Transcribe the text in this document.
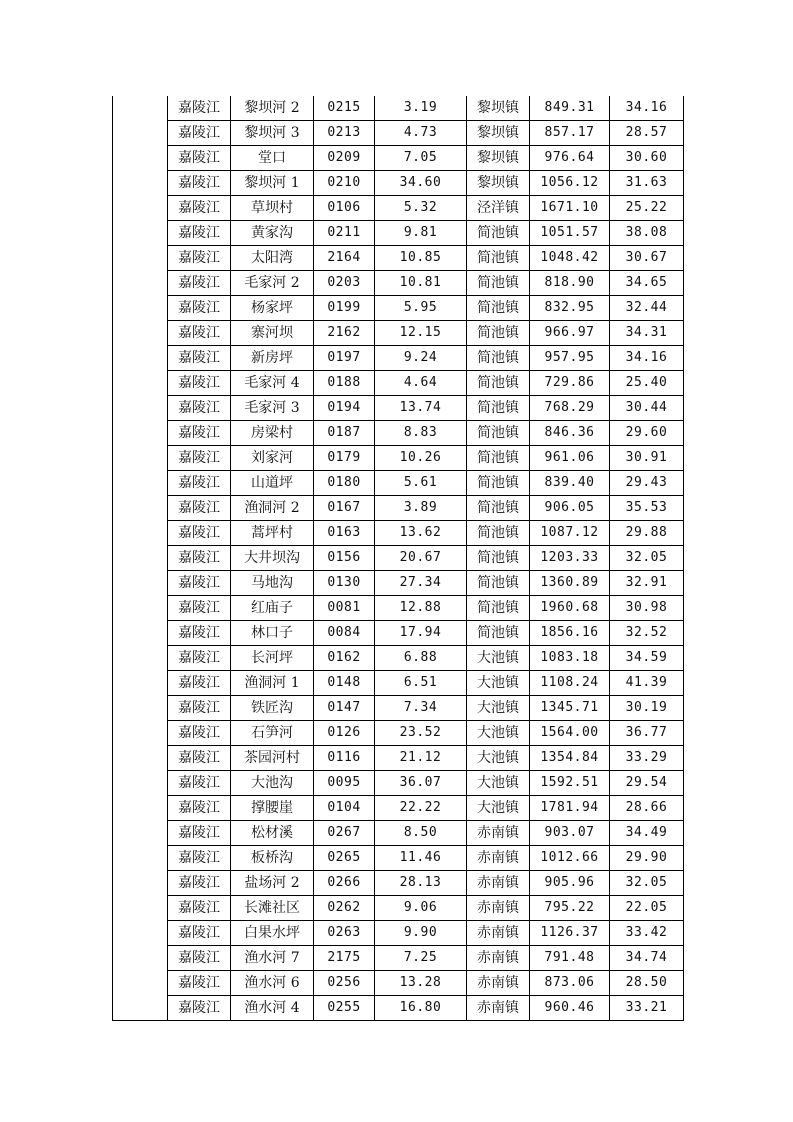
	嘉陵江	黎坝河 2	0215	3.19	黎坝镇	849.31	34.16
	嘉陵江	黎坝河 3	0213	4.73	黎坝镇	857.17	28.57
	嘉陵江	堂口	0209	7.05	黎坝镇	976.64	30.60
	嘉陵江	黎坝河 1	0210	34.60	黎坝镇	1056.12	31.63
	嘉陵江	草坝村	0106	5.32	泾洋镇	1671.10	25.22
	嘉陵江	黄家沟	0211	9.81	简池镇	1051.57	38.08
	嘉陵江	太阳湾	2164	10.85	简池镇	1048.42	30.67
	嘉陵江	毛家河 2	0203	10.81	简池镇	818.90	34.65
	嘉陵江	杨家坪	0199	5.95	简池镇	832.95	32.44
	嘉陵江	寨河坝	2162	12.15	简池镇	966.97	34.31
	嘉陵江	新房坪	0197	9.24	简池镇	957.95	34.16
	嘉陵江	毛家河 4	0188	4.64	简池镇	729.86	25.40
	嘉陵江	毛家河 3	0194	13.74	简池镇	768.29	30.44
	嘉陵江	房梁村	0187	8.83	简池镇	846.36	29.60
	嘉陵江	刘家河	0179	10.26	简池镇	961.06	30.91
	嘉陵江	山道坪	0180	5.61	简池镇	839.40	29.43
	嘉陵江	渔洞河 2	0167	3.89	简池镇	906.05	35.53
	嘉陵江	蒿坪村	0163	13.62	简池镇	1087.12	29.88
	嘉陵江	大井坝沟	0156	20.67	简池镇	1203.33	32.05
	嘉陵江	马地沟	0130	27.34	简池镇	1360.89	32.91
	嘉陵江	红庙子	0081	12.88	简池镇	1960.68	30.98
	嘉陵江	林口子	0084	17.94	简池镇	1856.16	32.52
	嘉陵江	长河坪	0162	6.88	大池镇	1083.18	34.59
	嘉陵江	渔洞河 1	0148	6.51	大池镇	1108.24	41.39
	嘉陵江	铁匠沟	0147	7.34	大池镇	1345.71	30.19
	嘉陵江	石笋河	0126	23.52	大池镇	1564.00	36.77
	嘉陵江	茶园河村	0116	21.12	大池镇	1354.84	33.29
	嘉陵江	大池沟	0095	36.07	大池镇	1592.51	29.54
	嘉陵江	撑腰崖	0104	22.22	大池镇	1781.94	28.66
	嘉陵江	松材溪	0267	8.50	赤南镇	903.07	34.49
	嘉陵江	板桥沟	0265	11.46	赤南镇	1012.66	29.90
	嘉陵江	盐场河 2	0266	28.13	赤南镇	905.96	32.05
	嘉陵江	长滩社区	0262	9.06	赤南镇	795.22	22.05
	嘉陵江	白果水坪	0263	9.90	赤南镇	1126.37	33.42
	嘉陵江	渔水河 7	2175	7.25	赤南镇	791.48	34.74
	嘉陵江	渔水河 6	0256	13.28	赤南镇	873.06	28.50
	嘉陵江	渔水河 4	0255	16.80	赤南镇	960.46	33.21
